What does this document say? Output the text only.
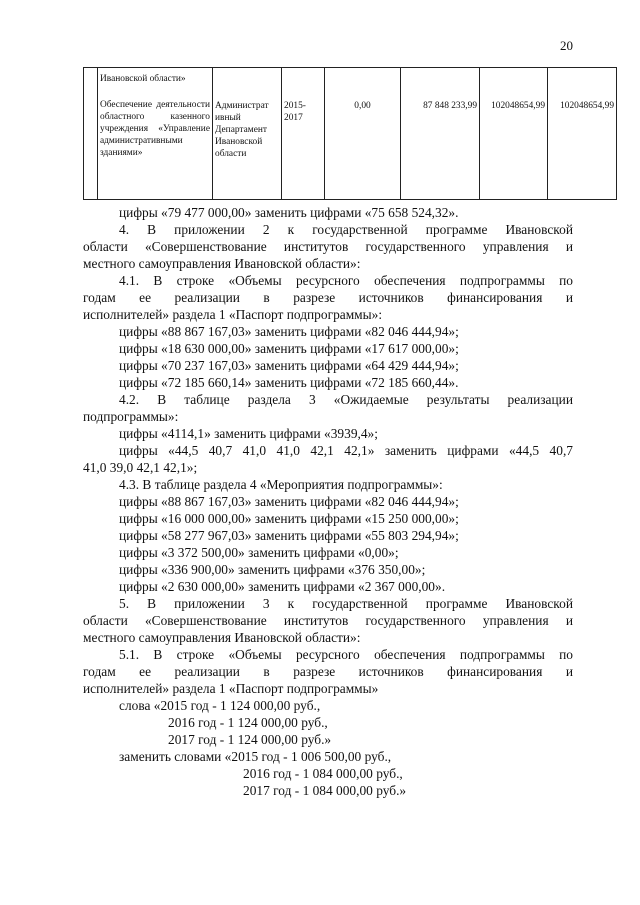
20

Ивановской области»
Обеспечение деятельности областного казенного учреждения «Управление административными зданиями»
	Администрат ивный Департамент Ивановской области	2015-2017	0,00	87 848 233,99	102048654,99	102048654,99

цифры «79 477 000,00» заменить цифрами «75 658 524,32».

4. В приложении 2 к государственной программе Ивановской

области «Совершенствование институтов государственного управления и

местного самоуправления Ивановской области»:

4.1. В строке «Объемы ресурсного обеспечения подпрограммы по

годам ее реализации в разрезе источников финансирования и

исполнителей» раздела 1 «Паспорт подпрограммы»:

цифры «88 867 167,03» заменить цифрами «82 046 444,94»;

цифры «18 630 000,00» заменить цифрами «17 617 000,00»;

цифры «70 237 167,03» заменить цифрами «64 429 444,94»;

цифры «72 185 660,14» заменить цифрами «72 185 660,44».

4.2. В таблице раздела 3 «Ожидаемые результаты реализации

подпрограммы»:

цифры «4114,1» заменить цифрами «3939,4»;

цифры «44,5 40,7 41,0 41,0 42,1 42,1» заменить цифрами «44,5 40,7

41,0 39,0 42,1 42,1»;

4.3. В таблице раздела 4 «Мероприятия подпрограммы»:

цифры «88 867 167,03» заменить цифрами «82 046 444,94»;

цифры «16 000 000,00» заменить цифрами «15 250 000,00»;

цифры «58 277 967,03» заменить цифрами «55 803 294,94»;

цифры «3 372 500,00» заменить цифрами «0,00»;

цифры «336 900,00» заменить цифрами «376 350,00»;

цифры «2 630 000,00» заменить цифрами «2 367 000,00».

5. В приложении 3 к государственной программе Ивановской

области «Совершенствование институтов государственного управления и

местного самоуправления Ивановской области»:

5.1. В строке «Объемы ресурсного обеспечения подпрограммы по

годам ее реализации в разрезе источников финансирования и

исполнителей» раздела 1 «Паспорт подпрограммы»

слова «2015 год - 1 124 000,00 руб.,

2016 год - 1 124 000,00 руб.,

2017 год - 1 124 000,00 руб.»

заменить словами «2015 год - 1 006 500,00 руб.,

2016 год - 1 084 000,00 руб.,

2017 год - 1 084 000,00 руб.»
